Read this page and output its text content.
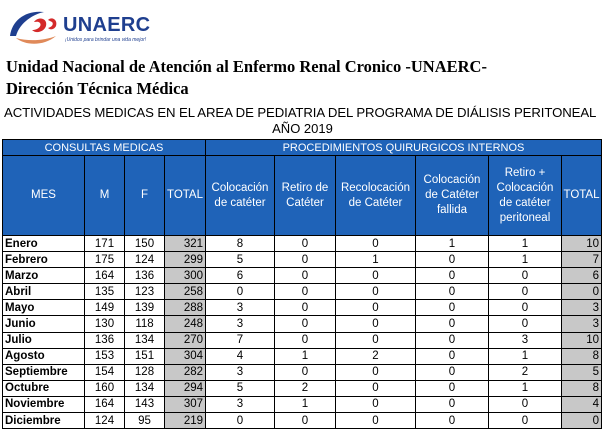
UNAERC
¡Unidos para brindar una vida mejor!
Unidad Nacional de Atención al Enfermo Renal Cronico -UNAERC-
Dirección Técnica Médica
ACTIVIDADES MEDICAS EN EL AREA DE PEDIATRIA DEL PROGRAMA DE DIÁLISIS PERITONEAL
AÑO 2019
CONSULTAS MEDICAS				PROCEDIMIENTOS QUIRURGICOS INTERNOS					
MES	M	F	TOTAL	Colocación de catéter	Retiro de Catéter	Recolocación de Catéter	Colocación de Catéter fallida	Retiro + Colocación de catéter peritoneal	TOTAL
Enero	171	150	321	8	0	0	1	1	10
Febrero	175	124	299	5	0	1	0	1	7
Marzo	164	136	300	6	0	0	0	0	6
Abril	135	123	258	0	0	0	0	0	0
Mayo	149	139	288	3	0	0	0	0	3
Junio	130	118	248	3	0	0	0	0	3
Julio	136	134	270	7	0	0	0	3	10
Agosto	153	151	304	4	1	2	0	1	8
Septiembre	154	128	282	3	0	0	0	2	5
Octubre	160	134	294	5	2	0	0	1	8
Noviembre	164	143	307	3	1	0	0	0	4
Diciembre	124	95	219	0	0	0	0	0	0
